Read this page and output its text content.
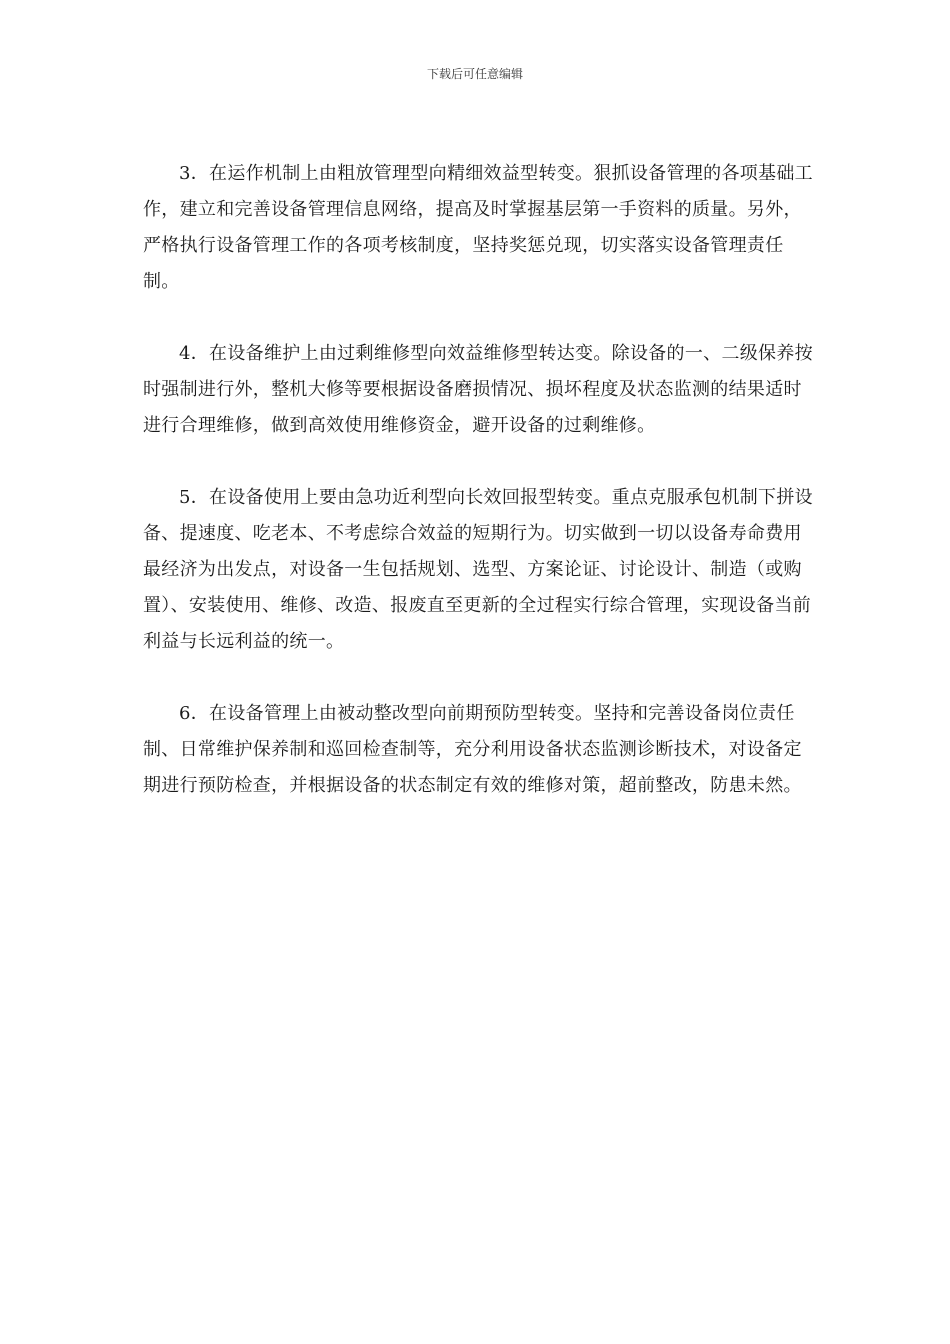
下载后可任意编辑

3．在运作机制上由粗放管理型向精细效益型转变。狠抓设备管理的各项基础工作，建立和完善设备管理信息网络，提高及时掌握基层第一手资料的质量。另外，严格执行设备管理工作的各项考核制度，坚持奖惩兑现，切实落实设备管理责任制。

4．在设备维护上由过剩维修型向效益维修型转达变。除设备的一、二级保养按时强制进行外，整机大修等要根据设备磨损情况、损坏程度及状态监测的结果适时进行合理维修，做到高效使用维修资金，避开设备的过剩维修。

5．在设备使用上要由急功近利型向长效回报型转变。重点克服承包机制下拼设备、提速度、吃老本、不考虑综合效益的短期行为。切实做到一切以设备寿命费用最经济为出发点，对设备一生包括规划、选型、方案论证、讨论设计、制造（或购置）、安装使用、维修、改造、报废直至更新的全过程实行综合管理，实现设备当前利益与长远利益的统一。

6．在设备管理上由被动整改型向前期预防型转变。坚持和完善设备岗位责任制、日常维护保养制和巡回检查制等，充分利用设备状态监测诊断技术，对设备定期进行预防检查，并根据设备的状态制定有效的维修对策，超前整改，防患未然。
